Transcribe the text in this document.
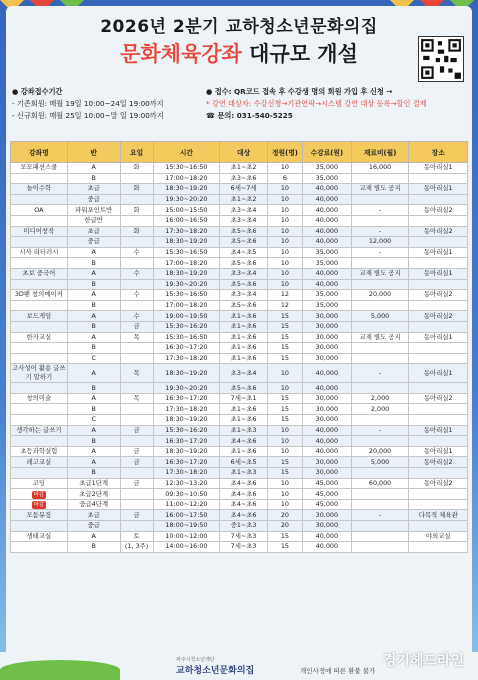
2026년 2분기 교하청소년문화의집
문화체육강좌 대규모 개설
● 강좌접수기간
- 기존회원: 매월 19일 10:00~24일 19:00까지
- 신규회원: 매월 25일 10:00~말 일 19:00까지
● 접수: QR코드 접속 후 수강생 명의 회원 가입 후 신청 →
* 강연 대상자: 수강신청→기관연락→시스템 강연 대상 등록→할인 결제
☎ 문의: 031-540-5225
강좌명	반	요일	시간	대상	정원(명)	수강료(원)	재료비(월)	장소
모모패션스쿨	A	화	15:30~16:50	초1~초2	10	35,000	16,000	동아리실1
	B		17:00~18:20	초3~초6	6	35,000		
놀이수학	초급	화	18:30~19:20	6세~7세	10	40,000	교재 별도 공지	동아리실1
	중급		19:30~20:20	초1~초2	10	40,000		
OA	파워포인트반	화	15:00~15:50	초3~초4	10	40,000	-	동아리실2
	한글반		16:00~16:50	초3~초4	10	40,000		
미디어창작	초급	화	17:30~18:20	초5~초6	10	40,000	-	동아리실2
	중급		18:30~19:20	초5~초6	10	40,000	12,000	
시사 리터러시	A	수	15:30~16:50	초4~초5	10	35,000	-	동아리실1
	B		17:00~18:20	초5~초6	10	35,000		
초보 중국어	A	수	18:30~19:20	초3~초4	10	40,000	교재 별도 공지	동아리실1
	B		19:30~20:20	초5~초6	10	40,000		
3D펜 창의메이커	A	수	15:30~16:50	초3~초4	12	35,000	20,000	동아리실2
	B		17:00~18:20	초5~초6	12	35,000		
보드게임	A	수	19:00~19:50	초1~초6	15	30,000	5,000	동아리실2
	B	금	15:30~16:20	초1~초6	15	30,000		
한자교실	A	목	15:30~16:50	초1~초6	15	30,000	교재 별도 공지	동아리실1
	B		16:30~17:20	초1~초6	15	30,000		
	C		17:30~18:20	초1~초6	15	30,000		
고사성어 활용 글쓰기 말하기	A	목	18:30~19:20	초3~초4	10	40,000	-	동아리실1
	B		19:30~20:20	초5~초6	10	40,000		
창의미술	A	목	16:30~17:20	7세~초1	15	30,000	2,000	동아리실2
	B		17:30~18:20	초1~초6	15	30,000	2,000	
	C		18:30~19:20	초1~초6	15	30,000		
생각하는 글쓰기	A	금	15:30~16:20	초1~초3	10	40,000	-	동아리실1
	B		16:30~17:20	초4~초6	10	40,000		
초등과학실험	A	금	18:30~19:20	초1~초6	10	40,000	20,000	동아리실1
레고교실	A	금	16:30~17:20	6세~초5	15	30,000	5,000	동아리실2
	B		17:30~18:20	초1~초3	15	30,000		
코딩	초급1단계	금	12:30~13:20	초4~초6	10	45,000	60,000	동아리실2
마감	초급2단계		09:30~10:50	초4~초6	10	45,000		
마감	중급4단계		11:00~12:20	초4~초6	10	45,000		
모둠뮤징	초급	금	16:00~17:50	초4~초6	20	30,000	-	다목적 체육관
	중급		18:00~19:50	중1~초3	20	30,000		
생태교실	A	토	10:00~12:00	7세~초3	15	40,000		야외교실
	B	(1, 3주)	14:00~16:00	7세~초3	15	40,000		
파주시청소년재단
교하청소년문화의집	개인사정에 따른 환불 불가
경기헤드라인
